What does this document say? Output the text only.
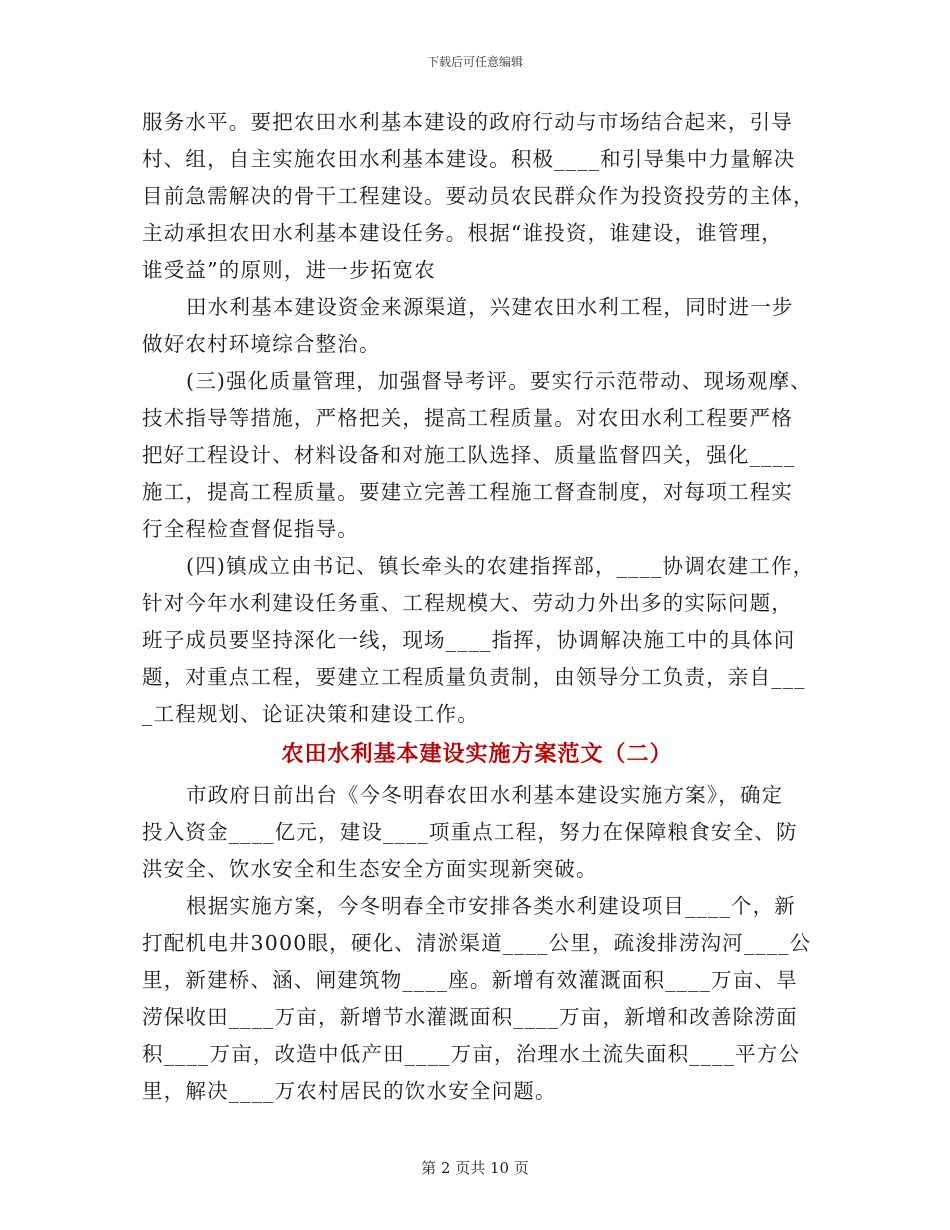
下载后可任意编辑
服务水平。要把农田水利基本建设的政府行动与市场结合起来，引导
村、组，自主实施农田水利基本建设。积极____和引导集中力量解决
目前急需解决的骨干工程建设。要动员农民群众作为投资投劳的主体，
主动承担农田水利基本建设任务。根据“谁投资，谁建设，谁管理，
谁受益”的原则，进一步拓宽农
田水利基本建设资金来源渠道，兴建农田水利工程，同时进一步
做好农村环境综合整治。
(三)强化质量管理，加强督导考评。要实行示范带动、现场观摩、
技术指导等措施，严格把关，提高工程质量。对农田水利工程要严格
把好工程设计、材料设备和对施工队选择、质量监督四关，强化____
施工，提高工程质量。要建立完善工程施工督查制度，对每项工程实
行全程检查督促指导。
(四)镇成立由书记、镇长牵头的农建指挥部，____协调农建工作，
针对今年水利建设任务重、工程规模大、劳动力外出多的实际问题，
班子成员要坚持深化一线，现场____指挥，协调解决施工中的具体问
题，对重点工程，要建立工程质量负责制，由领导分工负责，亲自___
_工程规划、论证决策和建设工作。
农田水利基本建设实施方案范文（二）
市政府日前出台《今冬明春农田水利基本建设实施方案》，确定
投入资金____亿元，建设____项重点工程，努力在保障粮食安全、防
洪安全、饮水安全和生态安全方面实现新突破。
根据实施方案，今冬明春全市安排各类水利建设项目____个，新
打配机电井3000眼，硬化、清淤渠道____公里，疏浚排涝沟河____公
里，新建桥、涵、闸建筑物____座。新增有效灌溉面积____万亩、旱
涝保收田____万亩，新增节水灌溉面积____万亩，新增和改善除涝面
积____万亩，改造中低产田____万亩，治理水土流失面积____平方公
里，解决____万农村居民的饮水安全问题。
第 2 页共 10 页
